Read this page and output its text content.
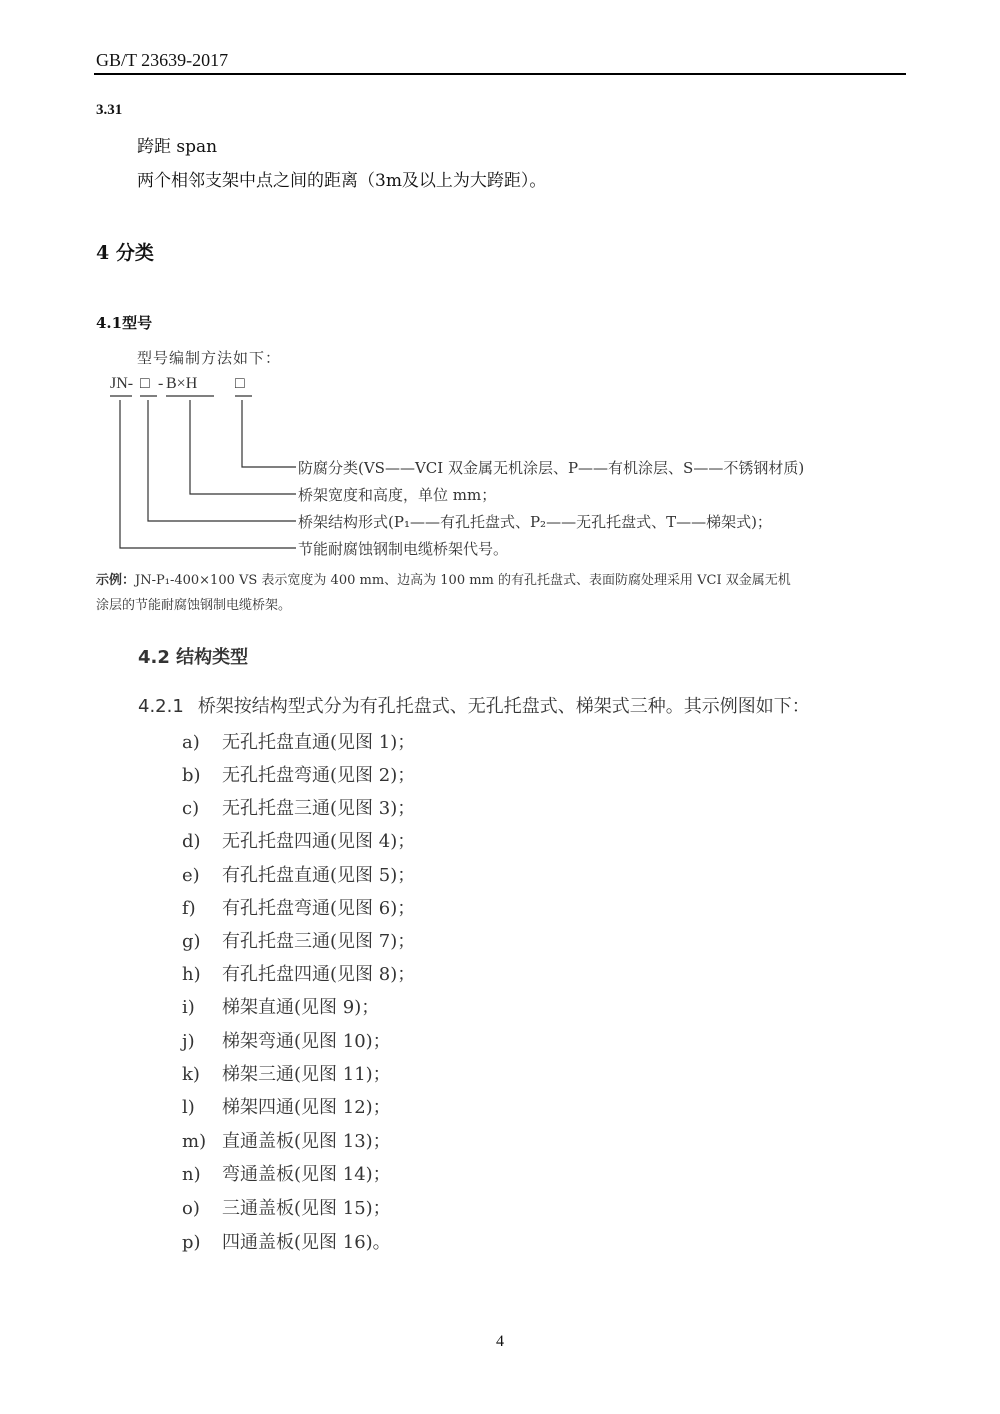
GB/T 23639-2017
3.31
跨距 span
两个相邻支架中点之间的距离（3m及以上为大跨距）。
4 分类
4.1型号
型号编制方法如下：
JN- □ - B×H □
防腐分类(VS——VCI 双金属无机涂层、P——有机涂层、S——不锈钢材质)
桥架宽度和高度，单位 mm；
桥架结构形式(P₁——有孔托盘式、P₂——无孔托盘式、T——梯架式)；
节能耐腐蚀钢制电缆桥架代号。
示例：JN-P₁-400×100 VS 表示宽度为 400 mm、边高为 100 mm 的有孔托盘式、表面防腐处理采用 VCI 双金属无机
涂层的节能耐腐蚀钢制电缆桥架。
4.2 结构类型
4.2.1 桥架按结构型式分为有孔托盘式、无孔托盘式、梯架式三种。其示例图如下：
a) 无孔托盘直通(见图 1)；
b) 无孔托盘弯通(见图 2)；
c) 无孔托盘三通(见图 3)；
d) 无孔托盘四通(见图 4)；
e) 有孔托盘直通(见图 5)；
f) 有孔托盘弯通(见图 6)；
g) 有孔托盘三通(见图 7)；
h) 有孔托盘四通(见图 8)；
i) 梯架直通(见图 9)；
j) 梯架弯通(见图 10)；
k) 梯架三通(见图 11)；
l) 梯架四通(见图 12)；
m) 直通盖板(见图 13)；
n) 弯通盖板(见图 14)；
o) 三通盖板(见图 15)；
p) 四通盖板(见图 16)。
4
